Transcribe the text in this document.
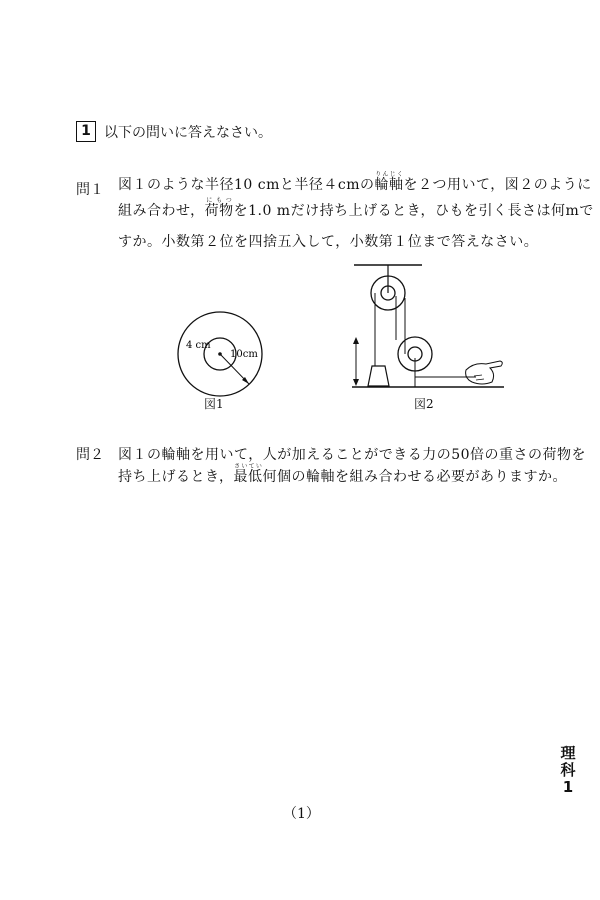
1 以下の問いに答えなさい。
問１ 図１のような半径10 cmと半径４cmの輪軸りんじくを２つ用いて，図２のように
組み合わせ，荷物にもつを1.0 mだけ持ち上げるとき，ひもを引く長さは何mで
すか。小数第２位を四捨五入して，小数第１位まで答えなさい。
4 cm
10cm
図1	図2
問２ 図１の輪軸を用いて，人が加えることができる力の50倍の重さの荷物を
持ち上げるとき，最低さいてい何個の輪軸を組み合わせる必要がありますか。
（1）
理
科
1
